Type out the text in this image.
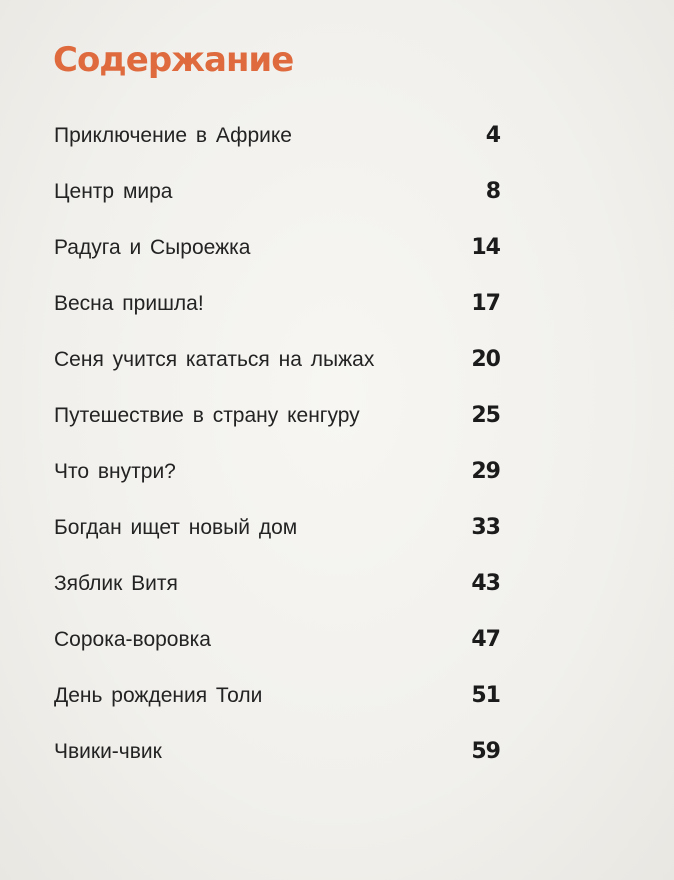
Содержание
Приключение в Африке	4
Центр мира	8
Радуга и Сыроежка	14
Весна пришла!	17
Сеня учится кататься на лыжах	20
Путешествие в страну кенгуру	25
Что внутри?	29
Богдан ищет новый дом	33
Зяблик Витя	43
Сорока-воровка	47
День рождения Толи	51
Чвики-чвик	59
